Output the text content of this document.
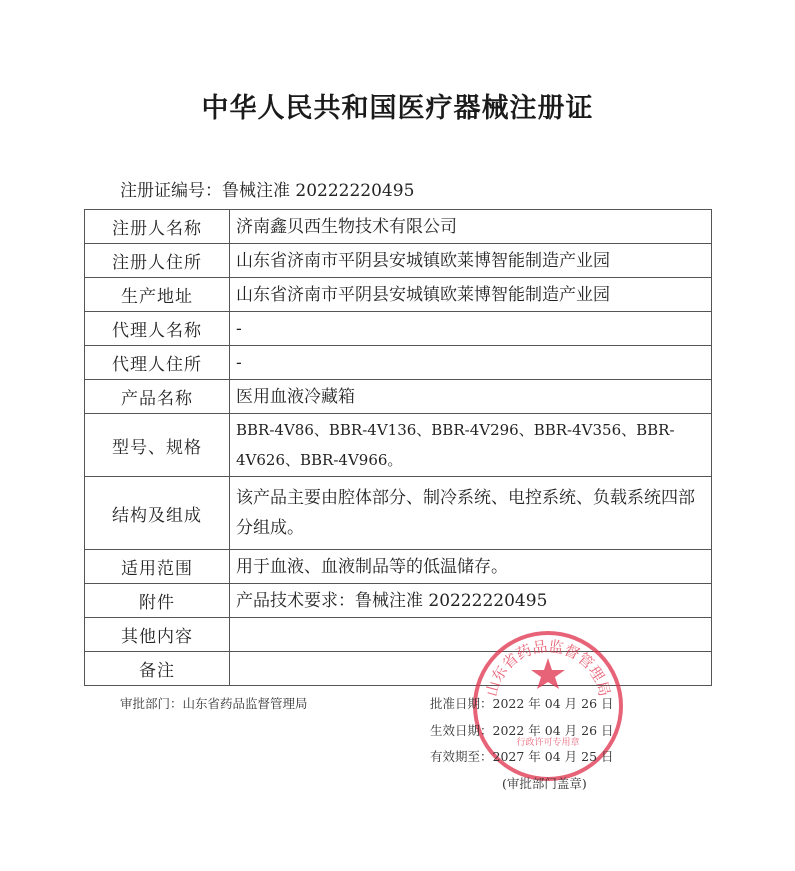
中华人民共和国医疗器械注册证
注册证编号：鲁械注准 20222220495
注册人名称	济南鑫贝西生物技术有限公司
注册人住所	山东省济南市平阴县安城镇欧莱博智能制造产业园
生产地址	山东省济南市平阴县安城镇欧莱博智能制造产业园
代理人名称	-
代理人住所	-
产品名称	医用血液冷藏箱
型号、规格	BBR-4V86、BBR-4V136、BBR-4V296、BBR-4V356、BBR-4V626、BBR-4V966。
结构及组成	该产品主要由腔体部分、制冷系统、电控系统、负载系统四部分组成。
适用范围	用于血液、血液制品等的低温储存。
附件	产品技术要求：鲁械注准 20222220495
其他内容	
备注	
山东省药品监督管理局
行政许可专用章
审批部门：山东省药品监督管理局	批准日期：2022 年 04 月 26 日
生效日期：2022 年 04 月 26 日
有效期至：2027 年 04 月 25 日
(审批部门盖章)
